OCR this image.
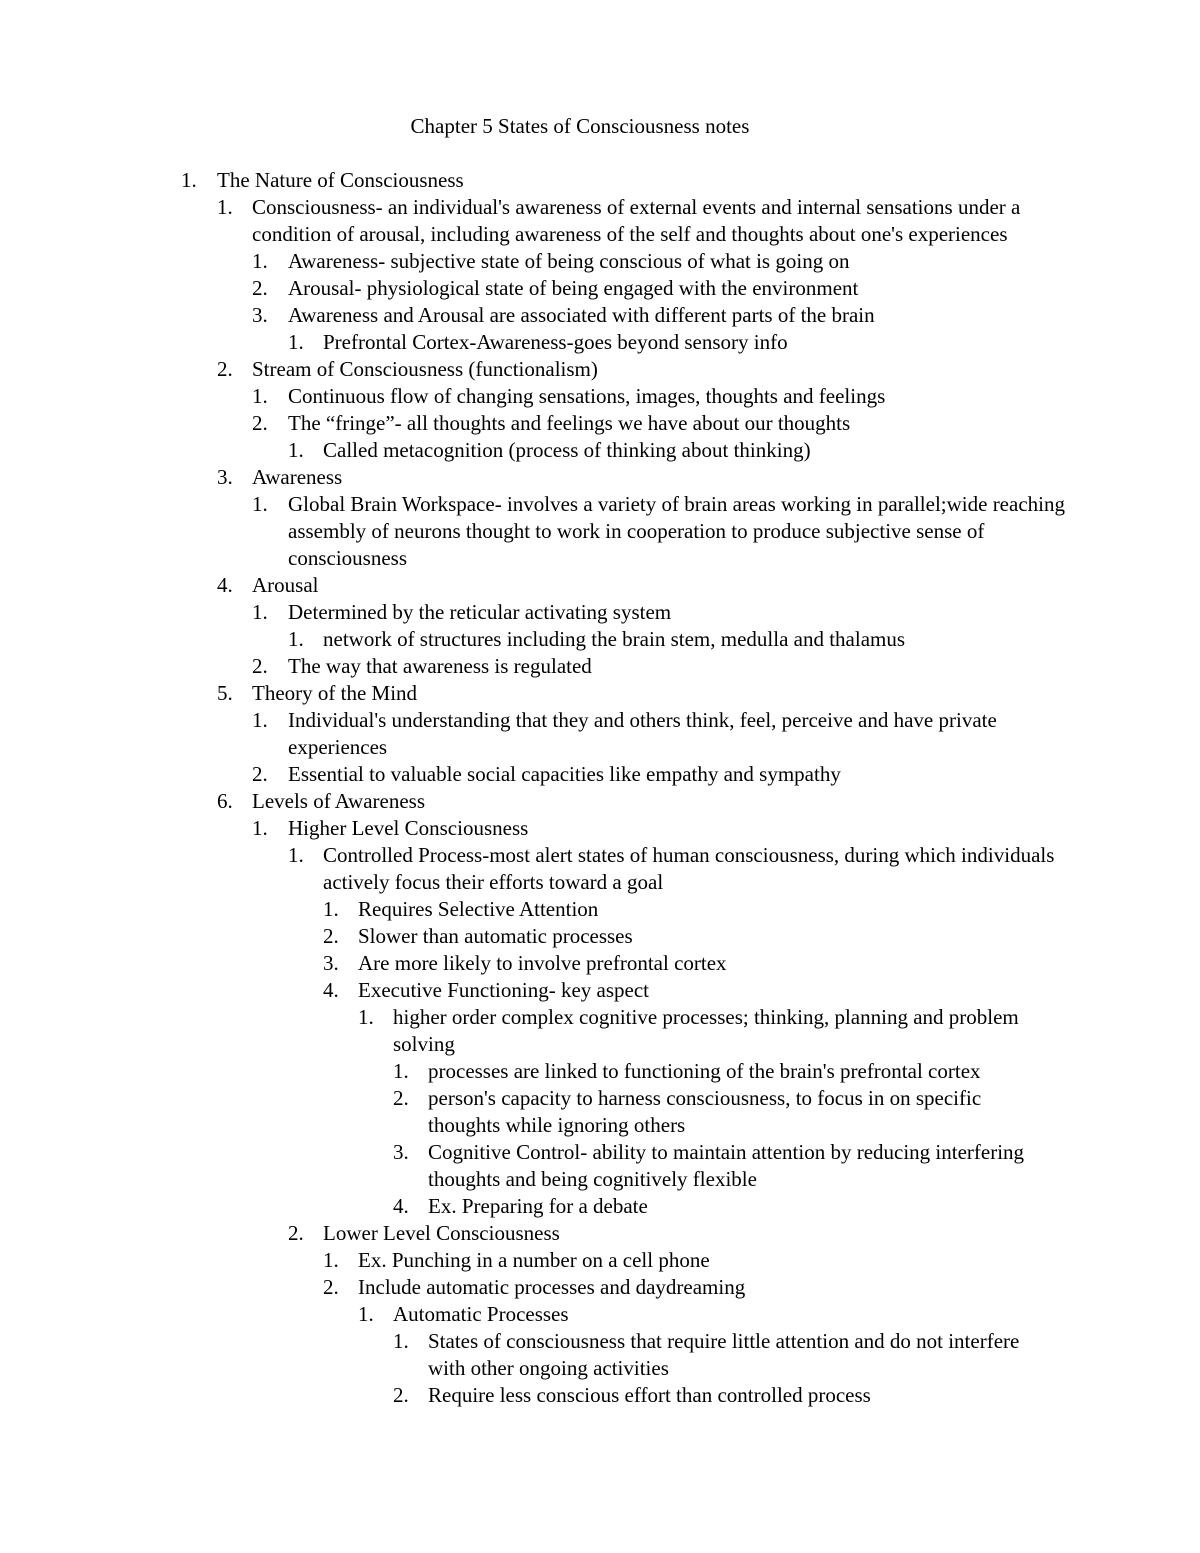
Chapter 5 States of Consciousness notes
1. The Nature of Consciousness
1. Consciousness- an individual's awareness of external events and internal sensations under a condition of arousal, including awareness of the self and thoughts about one's experiences
1. Awareness- subjective state of being conscious of what is going on
2. Arousal- physiological state of being engaged with the environment
3. Awareness and Arousal are associated with different parts of the brain
1. Prefrontal Cortex-Awareness-goes beyond sensory info
2. Stream of Consciousness (functionalism)
1. Continuous flow of changing sensations, images, thoughts and feelings
2. The “fringe”- all thoughts and feelings we have about our thoughts
1. Called metacognition (process of thinking about thinking)
3. Awareness
1. Global Brain Workspace- involves a variety of brain areas working in parallel;wide reaching assembly of neurons thought to work in cooperation to produce subjective sense of consciousness
4. Arousal
1. Determined by the reticular activating system
1. network of structures including the brain stem, medulla and thalamus
2. The way that awareness is regulated
5. Theory of the Mind
1. Individual's understanding that they and others think, feel, perceive and have private experiences
2. Essential to valuable social capacities like empathy and sympathy
6. Levels of Awareness
1. Higher Level Consciousness
1. Controlled Process-most alert states of human consciousness, during which individuals actively focus their efforts toward a goal
1. Requires Selective Attention
2. Slower than automatic processes
3. Are more likely to involve prefrontal cortex
4. Executive Functioning- key aspect
1. higher order complex cognitive processes; thinking, planning and problem solving
1. processes are linked to functioning of the brain's prefrontal cortex
2. person's capacity to harness consciousness, to focus in on specific thoughts while ignoring others
3. Cognitive Control- ability to maintain attention by reducing interfering thoughts and being cognitively flexible
4. Ex. Preparing for a debate
2. Lower Level Consciousness
1. Ex. Punching in a number on a cell phone
2. Include automatic processes and daydreaming
1. Automatic Processes
1. States of consciousness that require little attention and do not interfere with other ongoing activities
2. Require less conscious effort than controlled process
